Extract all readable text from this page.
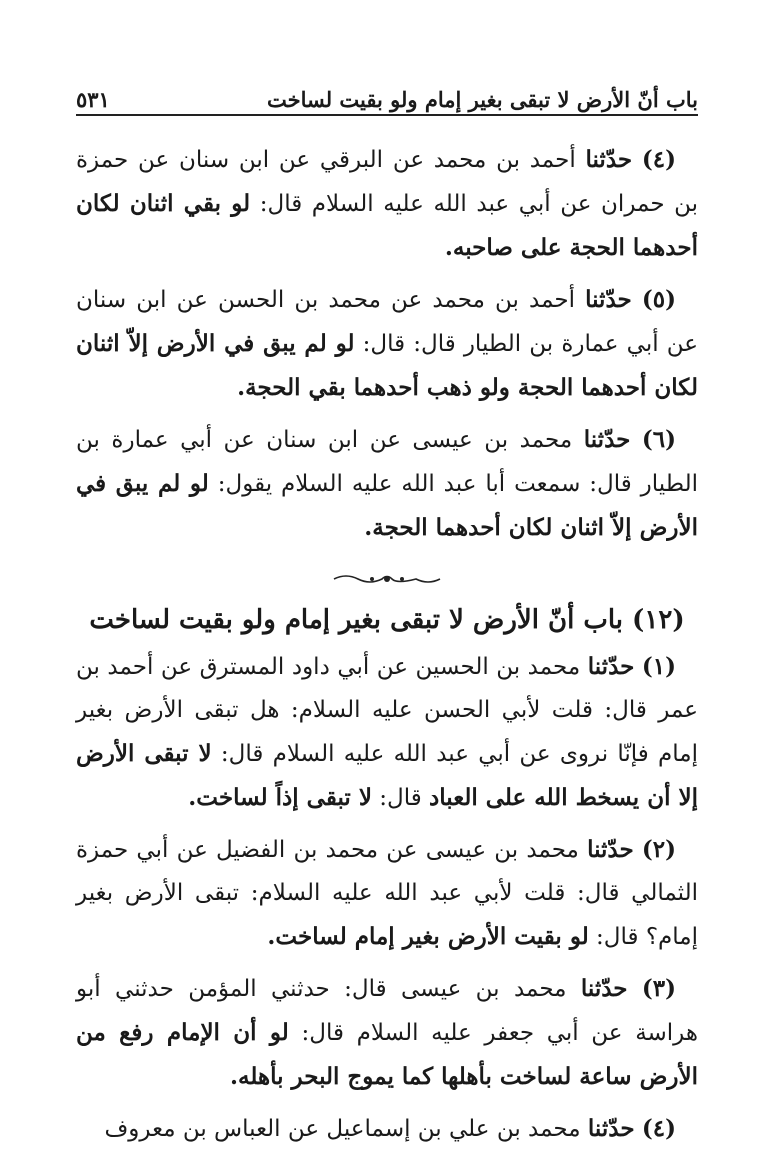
باب أنّ الأرض لا تبقى بغير إمام ولو بقيت لساخت
٥٣١

(٤) حدّثنا أحمد بن محمد عن البرقي عن ابن سنان عن حمزة بن حمران عن أبي عبد الله عليه السلام قال: لو بقي اثنان لكان أحدهما الحجة على صاحبه.

(٥) حدّثنا أحمد بن محمد عن محمد بن الحسن عن ابن سنان عن أبي عمارة بن الطيار قال: قال: لو لم يبق في الأرض إلاّ اثنان لكان أحدهما الحجة ولو ذهب أحدهما بقي الحجة.

(٦) حدّثنا محمد بن عيسى عن ابن سنان عن أبي عمارة بن الطيار قال: سمعت أبا عبد الله عليه السلام يقول: لو لم يبق في الأرض إلاّ اثنان لكان أحدهما الحجة.

(١٢) باب أنّ الأرض لا تبقى بغير إمام ولو بقيت لساخت

(١) حدّثنا محمد بن الحسين عن أبي داود المسترق عن أحمد بن عمر قال: قلت لأبي الحسن عليه السلام: هل تبقى الأرض بغير إمام فإنّا نروى عن أبي عبد الله عليه السلام قال: لا تبقى الأرض إلا أن يسخط الله على العباد قال: لا تبقى إذاً لساخت.

(٢) حدّثنا محمد بن عيسى عن محمد بن الفضيل عن أبي حمزة الثمالي قال: قلت لأبي عبد الله عليه السلام: تبقى الأرض بغير إمام؟ قال: لو بقيت الأرض بغير إمام لساخت.

(٣) حدّثنا محمد بن عيسى قال: حدثني المؤمن حدثني أبو هراسة عن أبي جعفر عليه السلام قال: لو أن الإمام رفع من الأرض ساعة لساخت بأهلها كما يموج البحر بأهله.

(٤) حدّثنا محمد بن علي بن إسماعيل عن العباس بن معروف
